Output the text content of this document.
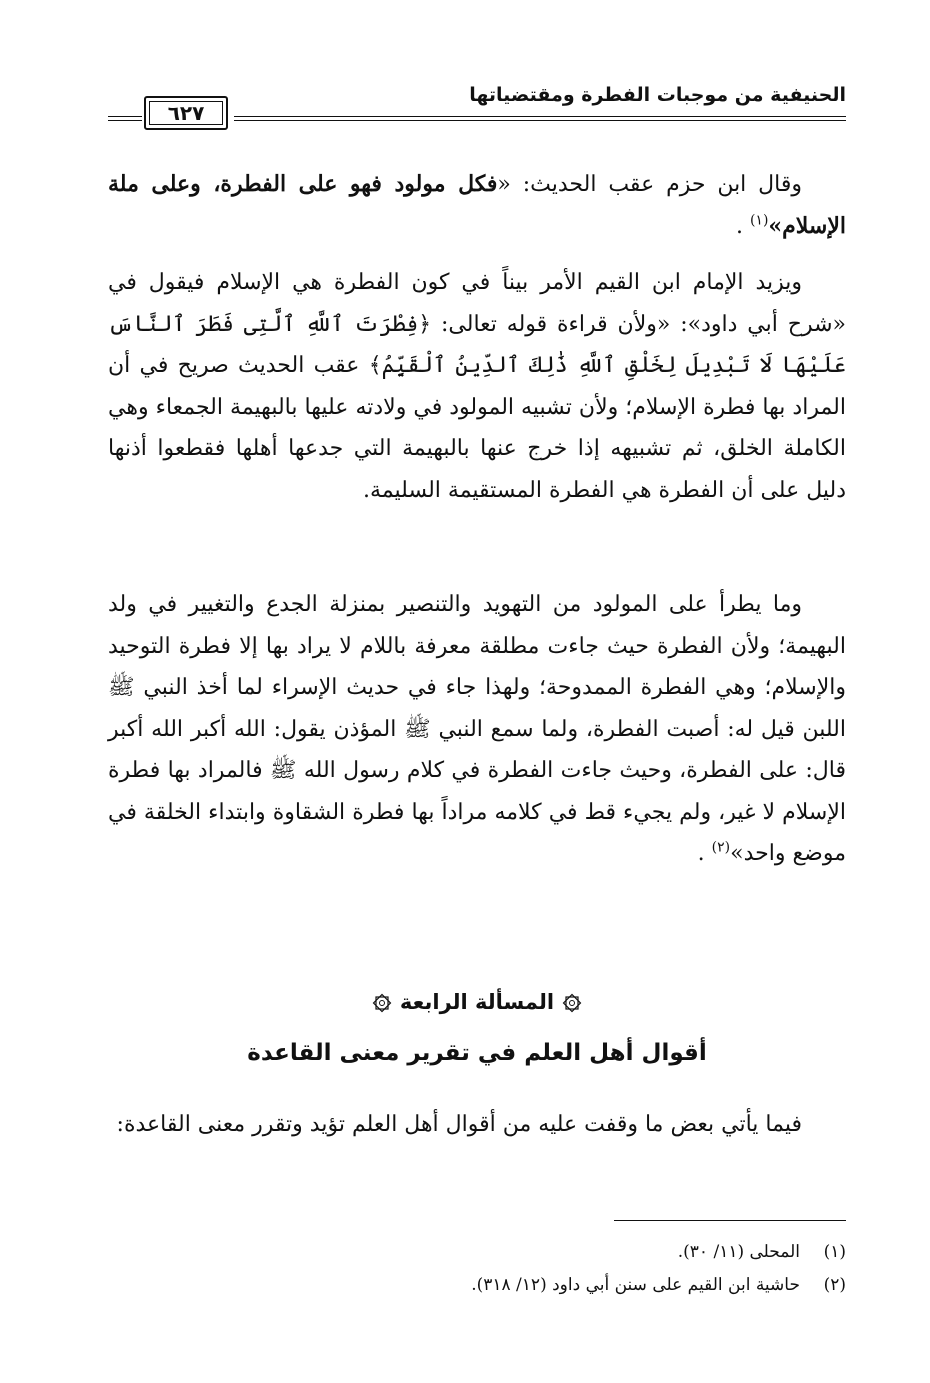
الحنيفية من موجبات الفطرة ومقتضياتها
٦٢٧

وقال ابن حزم عقب الحديث: «فكل مولود فهو على الفطرة، وعلى ملة الإسلام»$^{(١)}$ .

ويزيد الإمام ابن القيم الأمر بيناً في كون الفطرة هي الإسلام فيقول في «شرح أبي داود»: «ولأن قراءة قوله تعالى: ﴿فِطْرَتَ ٱللَّهِ ٱلَّتِى فَطَرَ ٱلنَّاسَ عَلَيْهَا لَا تَبْدِيلَ لِخَلْقِ ٱللَّهِ ذَٰلِكَ ٱلدِّينُ ٱلْقَيِّمُ﴾ عقب الحديث صريح في أن المراد بها فطرة الإسلام؛ ولأن تشبيه المولود في ولادته عليها بالبهيمة الجمعاء وهي الكاملة الخلق، ثم تشبيهه إذا خرج عنها بالبهيمة التي جدعها أهلها فقطعوا أذنها دليل على أن الفطرة هي الفطرة المستقيمة السليمة.

وما يطرأ على المولود من التهويد والتنصير بمنزلة الجدع والتغيير في ولد البهيمة؛ ولأن الفطرة حيث جاءت مطلقة معرفة باللام لا يراد بها إلا فطرة التوحيد والإسلام؛ وهي الفطرة الممدوحة؛ ولهذا جاء في حديث الإسراء لما أخذ النبي ﷺ اللبن قيل له: أصبت الفطرة، ولما سمع النبي ﷺ المؤذن يقول: الله أكبر الله أكبر قال: على الفطرة، وحيث جاءت الفطرة في كلام رسول الله ﷺ فالمراد بها فطرة الإسلام لا غير، ولم يجيء قط في كلامه مراداً بها فطرة الشقاوة وابتداء الخلقة في موضع واحد»$^{(٢)}$ .

المسألة الرابعة
أقوال أهل العلم في تقرير معنى القاعدة

فيما يأتي بعض ما وقفت عليه من أقوال أهل العلم تؤيد وتقرر معنى القاعدة:

(١)المحلى (١١/ ٣٠).
(٢)حاشية ابن القيم على سنن أبي داود (١٢/ ٣١٨).
